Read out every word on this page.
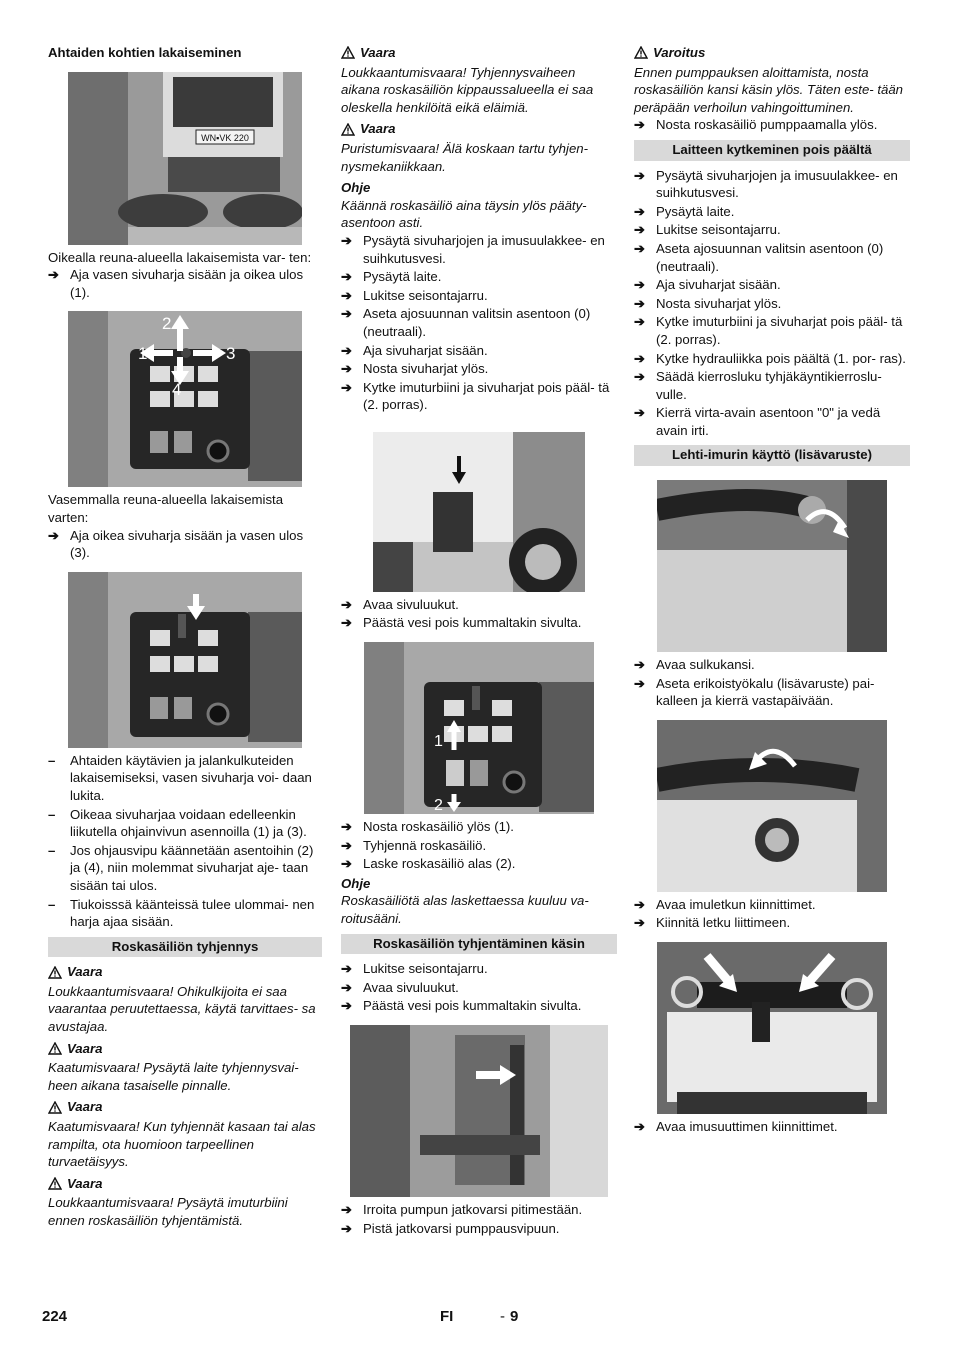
Ahtaiden kohtien lakaiseminen

WN▪VK 220

Oikealla reuna-alueella lakaisemista var- ten:

➔ Aja vasen sivuharja sisään ja oikea ulos (1).
2
1	3
4

Vasemmalla reuna-alueella lakaisemista varten:

➔ Aja oikea sivuharja sisään ja vasen ulos (3).
–	Ahtaiden käytävien ja jalankulkuteiden lakaisemiseksi, vasen sivuharja voi- daan lukita.
–	Oikeaa sivuharjaa voidaan edelleenkin liikutella ohjainvivun asennoilla (1) ja (3).
–	Jos ohjausvipu käännetään asentoihin (2) ja (4), niin molemmat sivuharjat aje- taan sisään tai ulos.
–	Tiukoisssä käänteissä tulee ulommai- nen harja ajaa sisään.
Roskasäiliön tyhjennys
Vaara

Loukkaantumisvaara! Ohikulkijoita ei saa vaarantaa peruutettaessa, käytä tarvittaes- sa avustajaa.

Vaara

Kaatumisvaara! Pysäytä laite tyhjennysvai- heen aikana tasaiselle pinnalle.

Vaara

Kaatumisvaara! Kun tyhjennät kasaan tai alas rampilta, ota huomioon tarpeellinen turvaetäisyys.

Vaara

Loukkaantumisvaara! Pysäytä imuturbiini ennen roskasäiliön tyhjentämistä.

Vaara

Loukkaantumisvaara! Tyhjennysvaiheen aikana roskasäiliön kippaussalueella ei saa oleskella henkilöitä eikä eläimiä.

Vaara

Puristumisvaara! Älä koskaan tartu tyhjen- nysmekaniikkaan.

Ohje

Käännä roskasäiliö aina täysin ylös pääty- asentoon asti.

➔ Pysäytä sivuharjojen ja imusuulakkee- en suihkutusvesi.
➔ Pysäytä laite.
➔ Lukitse seisontajarru.
➔ Aseta ajosuunnan valitsin asentoon (0) (neutraali).
➔ Aja sivuharjat sisään.
➔ Nosta sivuharjat ylös.
➔ Kytke imuturbiini ja sivuharjat pois pääl- tä (2. porras).
➔ Avaa sivuluukut.
➔ Päästä vesi pois kummaltakin sivulta.
1
2
➔ Nosta roskasäiliö ylös (1).
➔ Tyhjennä roskasäiliö.
➔ Laske roskasäiliö alas (2).

Ohje

Roskasäiliötä alas laskettaessa kuuluu va- roitusääni.

Roskasäiliön tyhjentäminen käsin
➔ Lukitse seisontajarru.
➔ Avaa sivuluukut.
➔ Päästä vesi pois kummaltakin sivulta.
➔ Irroita pumpun jatkovarsi pitimestään.
➔ Pistä jatkovarsi pumppausvipuun.
Varoitus

Ennen pumppauksen aloittamista, nosta roskasäiliön kansi käsin ylös. Täten este- tään peräpään verhoilun vahingoittuminen.

➔ Nosta roskasäiliö pumppaamalla ylös.
Laitteen kytkeminen pois päältä
➔ Pysäytä sivuharjojen ja imusuulakkee- en suihkutusvesi.
➔ Pysäytä laite.
➔ Lukitse seisontajarru.
➔ Aseta ajosuunnan valitsin asentoon (0) (neutraali).
➔ Aja sivuharjat sisään.
➔ Nosta sivuharjat ylös.
➔ Kytke imuturbiini ja sivuharjat pois pääl- tä (2. porras).
➔ Kytke hydrauliikka pois päältä (1. por- ras).
➔ Säädä kierrosluku tyhjäkäyntikierroslu- vulle.
➔ Kierrä virta-avain asentoon "0" ja vedä avain irti.
Lehti-imurin käyttö (lisävaruste)
➔ Avaa sulkukansi.
➔ Aseta erikoistyökalu (lisävaruste) pai- kalleen ja kierrä vastapäivään.
➔ Avaa imuletkun kiinnittimet.
➔ Kiinnitä letku liittimeen.
➔ Avaa imusuuttimen kiinnittimet.
224	FI	- 9
